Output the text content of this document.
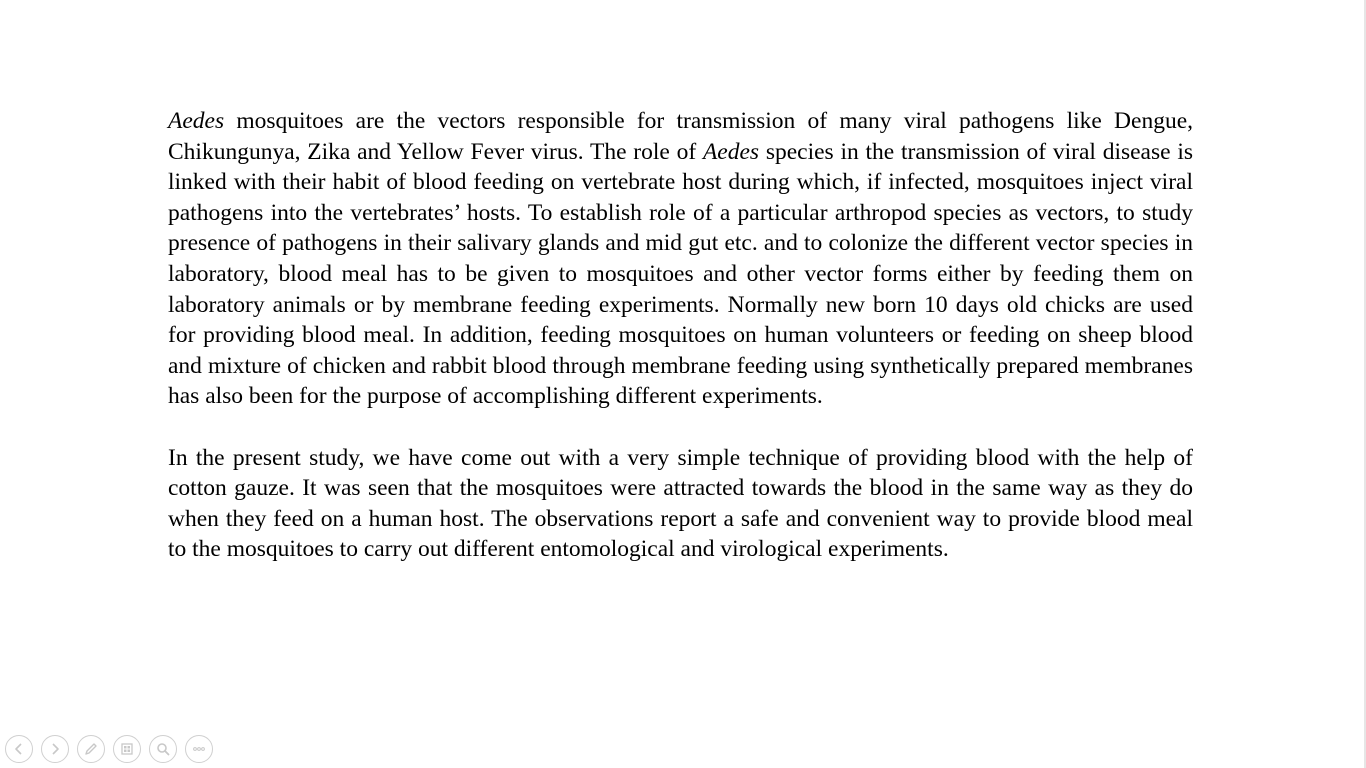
Aedes mosquitoes are the vectors responsible for transmission of many viral pathogens like Dengue, Chikungunya, Zika and Yellow Fever virus. The role of Aedes species in the transmission of viral disease is linked with their habit of blood feeding on vertebrate host during which, if infected, mosquitoes inject viral pathogens into the vertebrates’ hosts. To establish role of a particular arthropod species as vectors, to study presence of pathogens in their salivary glands and mid gut etc. and to colonize the different vector species in laboratory, blood meal has to be given to mosquitoes and other vector forms either by feeding them on laboratory animals or by membrane feeding experiments. Normally new born 10 days old chicks are used for providing blood meal. In addition, feeding mosquitoes on human volunteers or feeding on sheep blood and mixture of chicken and rabbit blood through membrane feeding using synthetically prepared membranes has also been for the purpose of accomplishing different experiments.

In the present study, we have come out with a very simple technique of providing blood with the help of cotton gauze. It was seen that the mosquitoes were attracted towards the blood in the same way as they do when they feed on a human host. The observations report a safe and convenient way to provide blood meal to the mosquitoes to carry out different entomological and virological experiments.
